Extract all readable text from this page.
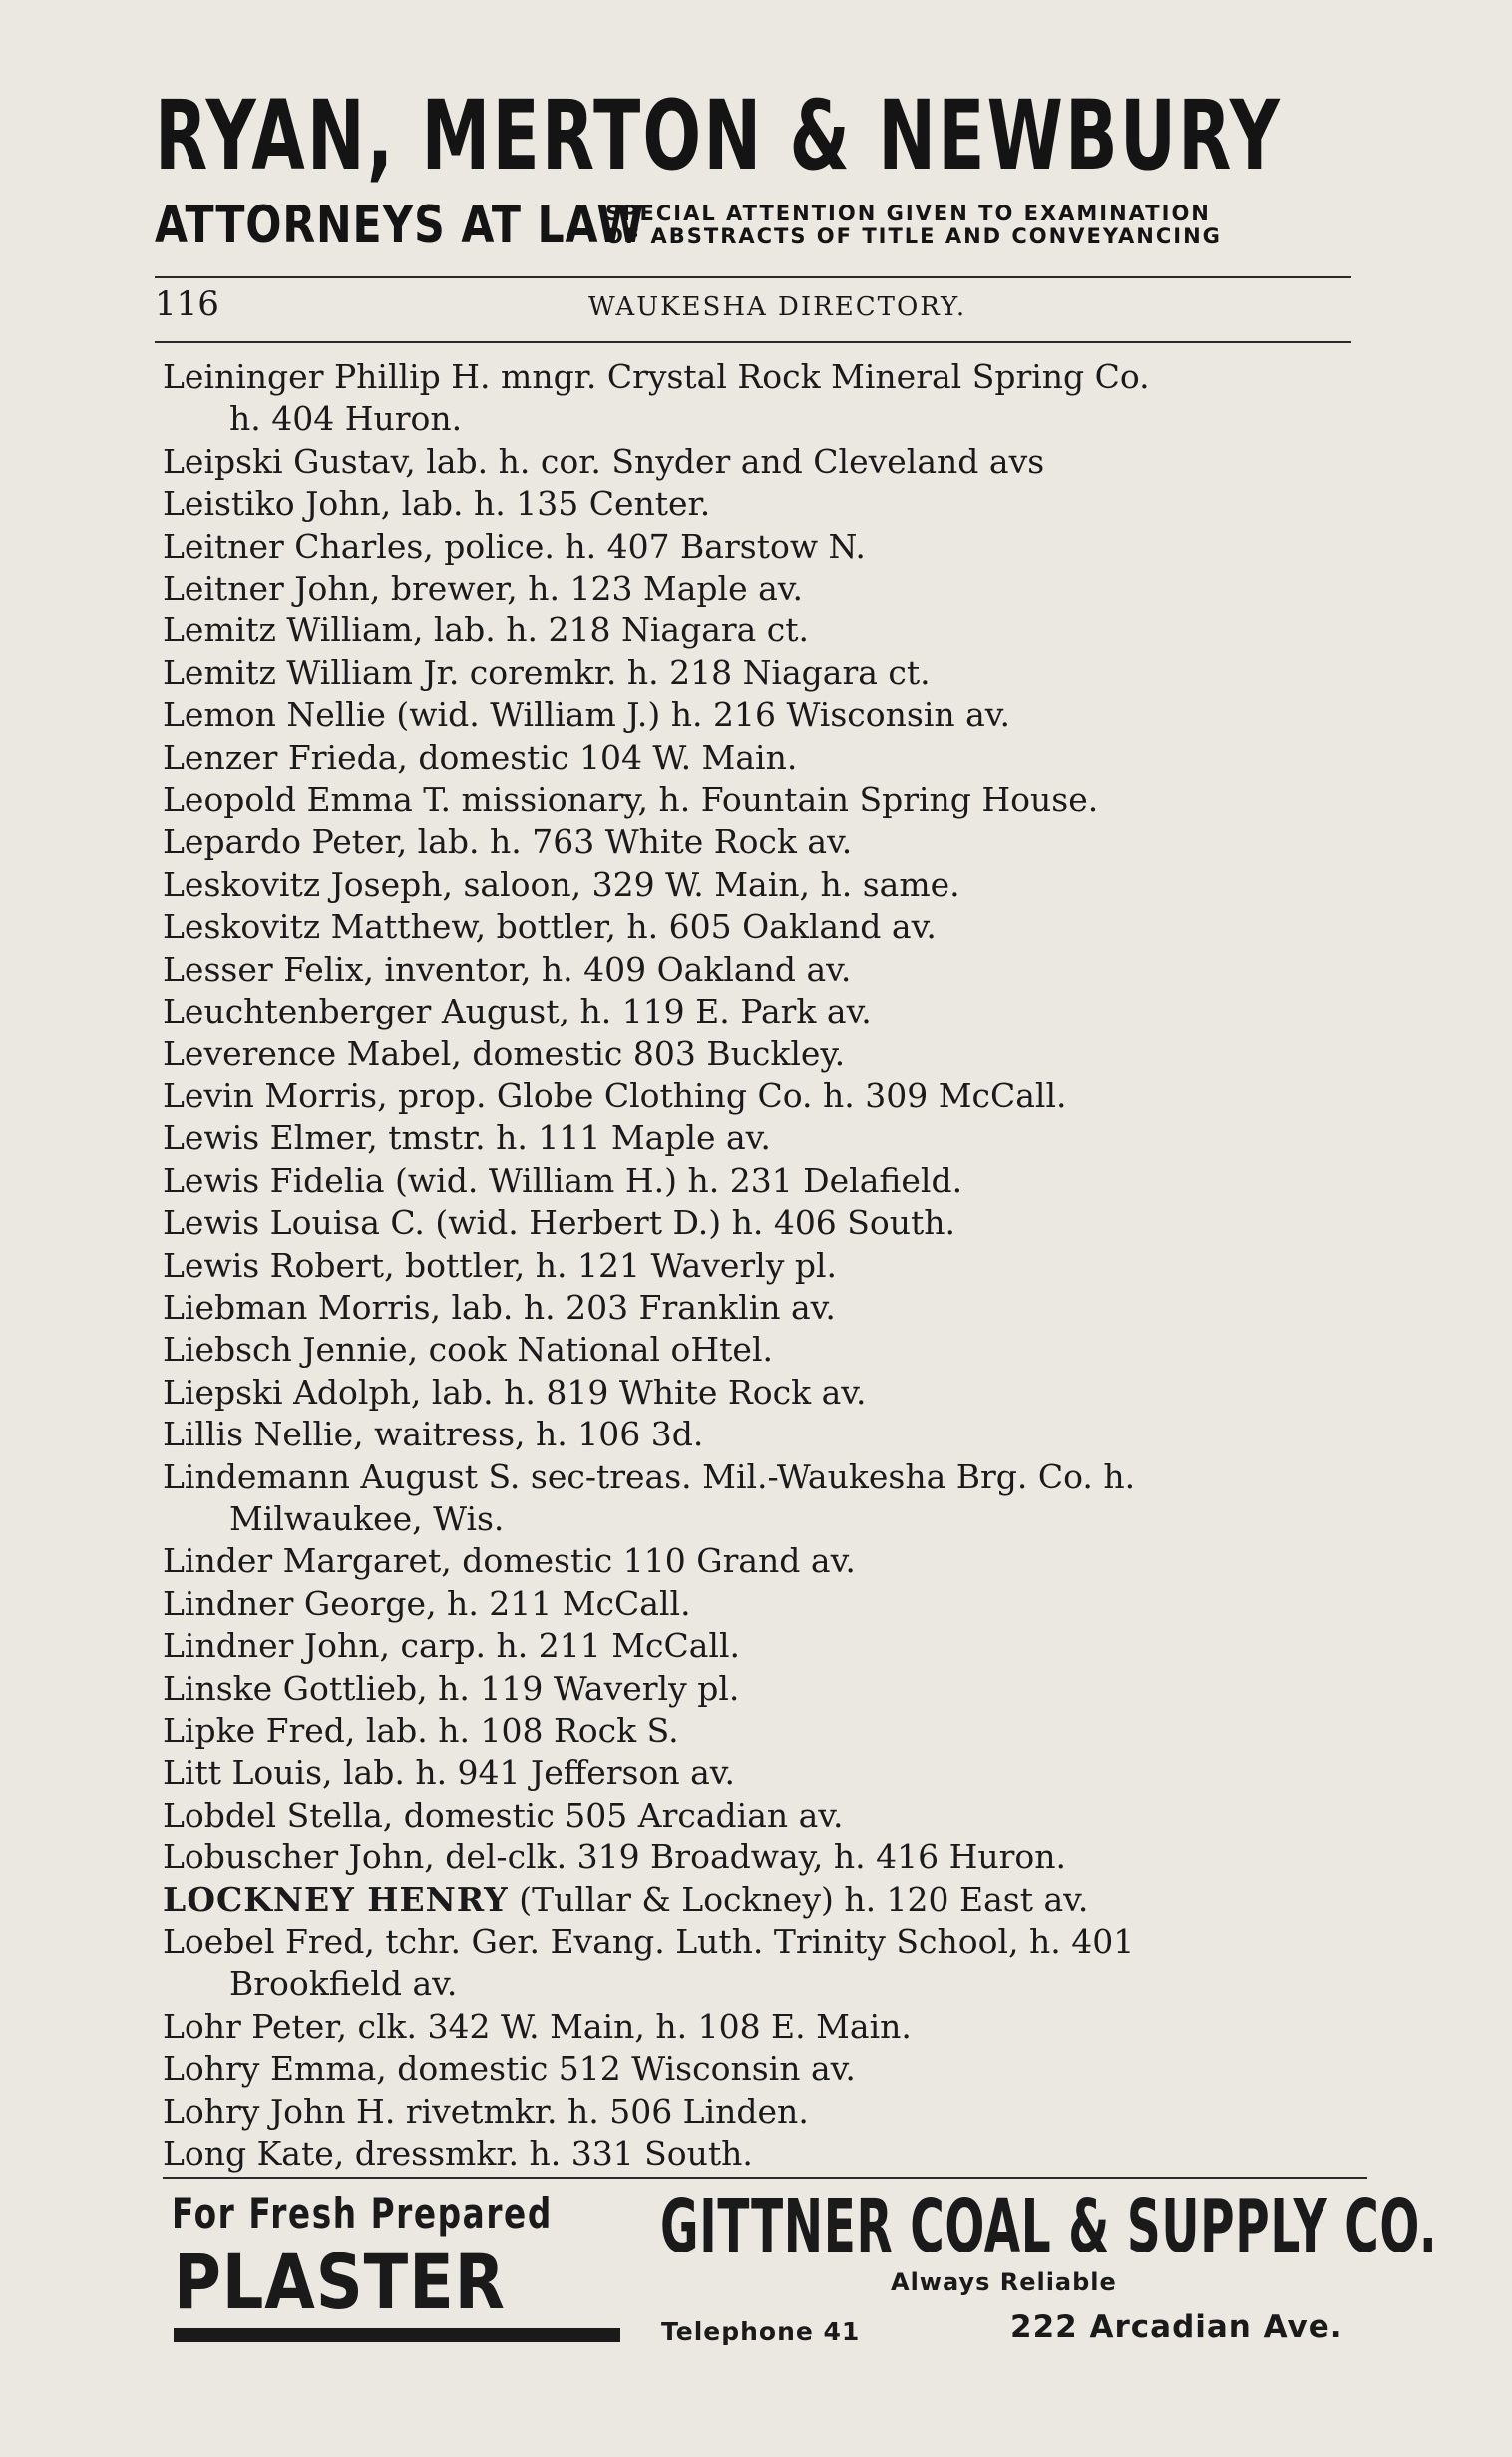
RYAN, MERTON & NEWBURY
ATTORNEYS AT LAW
SPECIAL ATTENTION GIVEN TO EXAMINATION
OF ABSTRACTS OF TITLE AND CONVEYANCING
116	WAUKESHA DIRECTORY.
Leininger Phillip H. mngr. Crystal Rock Mineral Spring Co.
h. 404 Huron.
Leipski Gustav, lab. h. cor. Snyder and Cleveland avs
Leistiko John, lab. h. 135 Center.
Leitner Charles, police. h. 407 Barstow N.
Leitner John, brewer, h. 123 Maple av.
Lemitz William, lab. h. 218 Niagara ct.
Lemitz William Jr. coremkr. h. 218 Niagara ct.
Lemon Nellie (wid. William J.) h. 216 Wisconsin av.
Lenzer Frieda, domestic 104 W. Main.
Leopold Emma T. missionary, h. Fountain Spring House.
Lepardo Peter, lab. h. 763 White Rock av.
Leskovitz Joseph, saloon, 329 W. Main, h. same.
Leskovitz Matthew, bottler, h. 605 Oakland av.
Lesser Felix, inventor, h. 409 Oakland av.
Leuchtenberger August, h. 119 E. Park av.
Leverence Mabel, domestic 803 Buckley.
Levin Morris, prop. Globe Clothing Co. h. 309 McCall.
Lewis Elmer, tmstr. h. 111 Maple av.
Lewis Fidelia (wid. William H.) h. 231 Delafield.
Lewis Louisa C. (wid. Herbert D.) h. 406 South.
Lewis Robert, bottler, h. 121 Waverly pl.
Liebman Morris, lab. h. 203 Franklin av.
Liebsch Jennie, cook National oHtel.
Liepski Adolph, lab. h. 819 White Rock av.
Lillis Nellie, waitress, h. 106 3d.
Lindemann August S. sec-treas. Mil.-Waukesha Brg. Co. h.
Milwaukee, Wis.
Linder Margaret, domestic 110 Grand av.
Lindner George, h. 211 McCall.
Lindner John, carp. h. 211 McCall.
Linske Gottlieb, h. 119 Waverly pl.
Lipke Fred, lab. h. 108 Rock S.
Litt Louis, lab. h. 941 Jefferson av.
Lobdel Stella, domestic 505 Arcadian av.
Lobuscher John, del-clk. 319 Broadway, h. 416 Huron.
LOCKNEY HENRY (Tullar & Lockney) h. 120 East av.
Loebel Fred, tchr. Ger. Evang. Luth. Trinity School, h. 401
Brookfield av.
Lohr Peter, clk. 342 W. Main, h. 108 E. Main.
Lohry Emma, domestic 512 Wisconsin av.
Lohry John H. rivetmkr. h. 506 Linden.
Long Kate, dressmkr. h. 331 South.
For Fresh Prepared
PLASTER
GITTNER COAL & SUPPLY CO.
Always Reliable
Telephone 41	222 Arcadian Ave.
